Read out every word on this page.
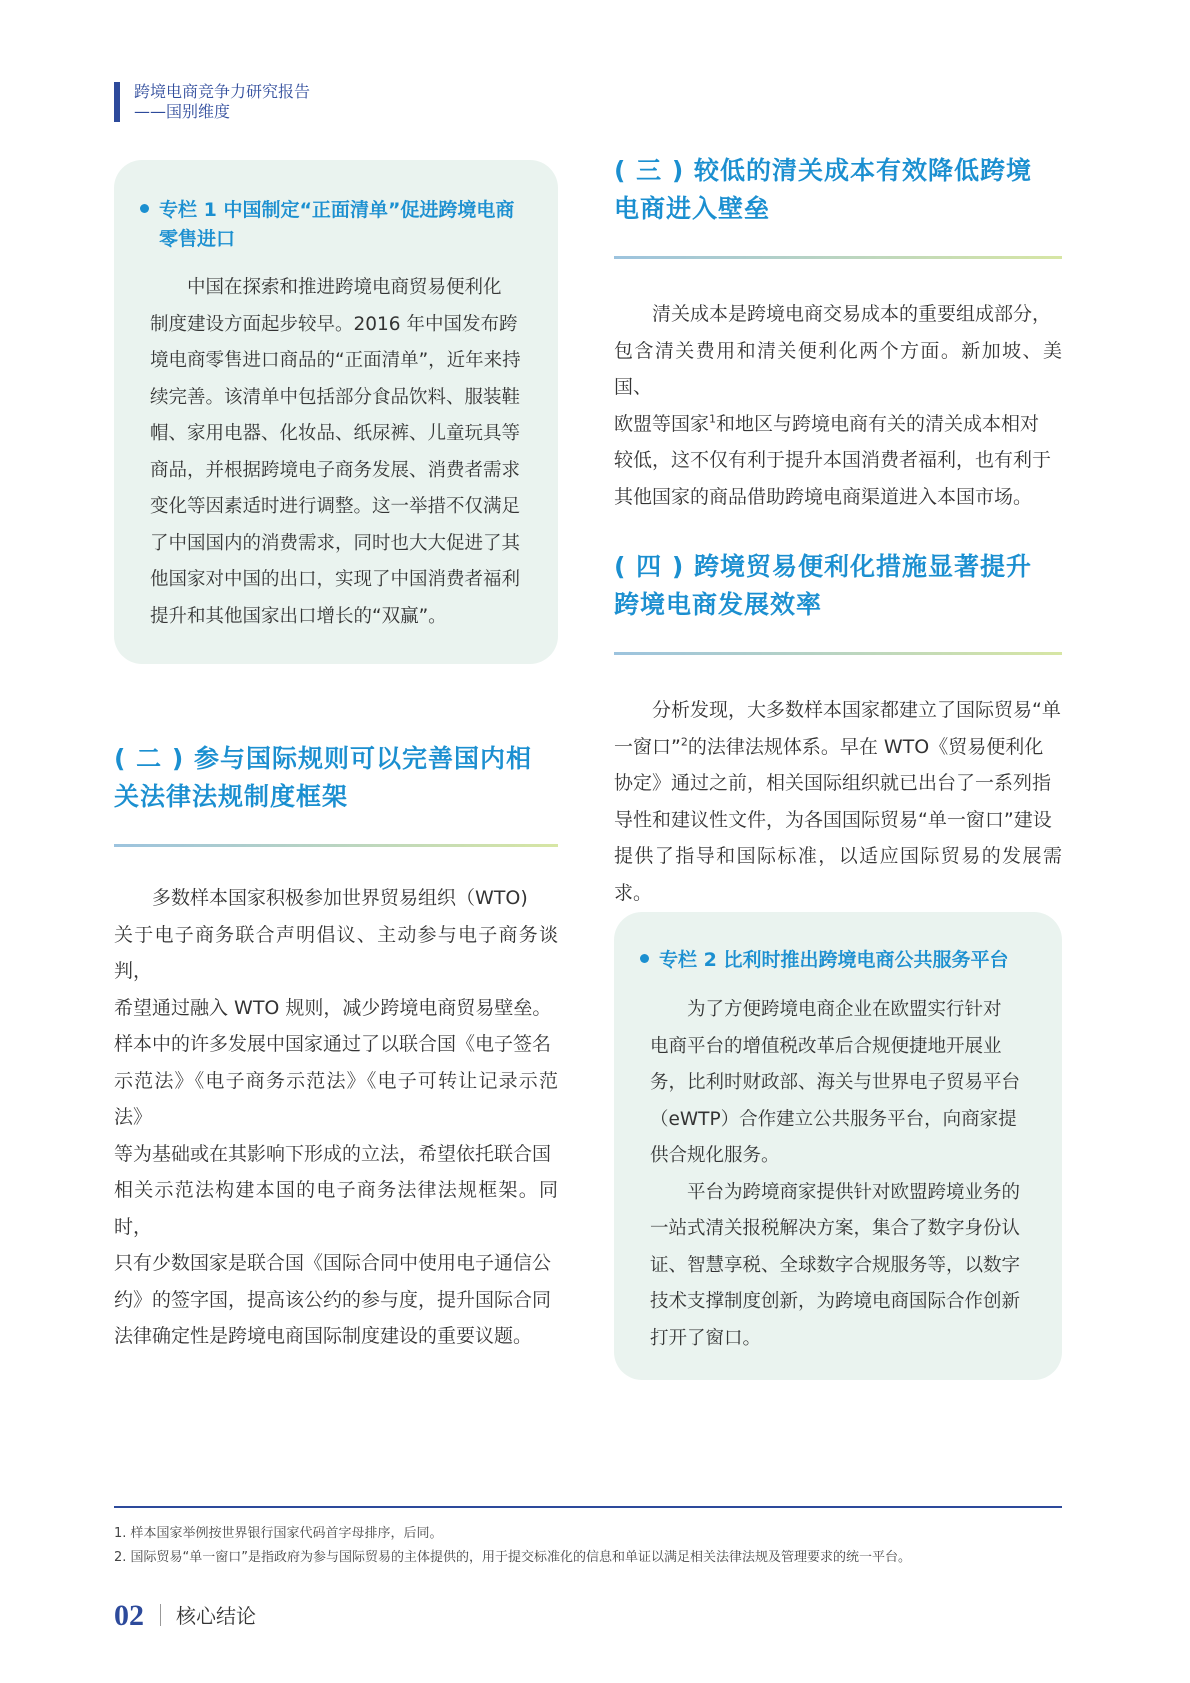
跨境电商竞争力研究报告
——国别维度
专栏 1 中国制定“正面清单”促进跨境电商
零售进口
中国在探索和推进跨境电商贸易便利化
制度建设方面起步较早。2016 年中国发布跨
境电商零售进口商品的“正面清单”，近年来持
续完善。该清单中包括部分食品饮料、服装鞋
帽、家用电器、化妆品、纸尿裤、儿童玩具等
商品，并根据跨境电子商务发展、消费者需求
变化等因素适时进行调整。这一举措不仅满足
了中国国内的消费需求，同时也大大促进了其
他国家对中国的出口，实现了中国消费者福利
提升和其他国家出口增长的“双赢”。
( 二 ) 参与国际规则可以完善国内相
关法律法规制度框架
多数样本国家积极参加世界贸易组织（WTO)
关于电子商务联合声明倡议、主动参与电子商务谈判，
希望通过融入 WTO 规则，减少跨境电商贸易壁垒。
样本中的许多发展中国家通过了以联合国《电子签名
示范法》《电子商务示范法》《电子可转让记录示范法》
等为基础或在其影响下形成的立法，希望依托联合国
相关示范法构建本国的电子商务法律法规框架。同时，
只有少数国家是联合国《国际合同中使用电子通信公
约》的签字国，提高该公约的参与度，提升国际合同
法律确定性是跨境电商国际制度建设的重要议题。
( 三 ) 较低的清关成本有效降低跨境
电商进入壁垒
清关成本是跨境电商交易成本的重要组成部分，
包含清关费用和清关便利化两个方面。新加坡、美国、
欧盟等国家$^1$和地区与跨境电商有关的清关成本相对
较低，这不仅有利于提升本国消费者福利，也有利于
其他国家的商品借助跨境电商渠道进入本国市场。
( 四 ) 跨境贸易便利化措施显著提升
跨境电商发展效率
分析发现，大多数样本国家都建立了国际贸易“单
一窗口”$^2$的法律法规体系。早在 WTO《贸易便利化
协定》通过之前，相关国际组织就已出台了一系列指
导性和建议性文件，为各国国际贸易“单一窗口”建设
提供了指导和国际标准，以适应国际贸易的发展需求。
专栏 2 比利时推出跨境电商公共服务平台
为了方便跨境电商企业在欧盟实行针对
电商平台的增值税改革后合规便捷地开展业
务，比利时财政部、海关与世界电子贸易平台
（eWTP）合作建立公共服务平台，向商家提
供合规化服务。
平台为跨境商家提供针对欧盟跨境业务的
一站式清关报税解决方案，集合了数字身份认
证、智慧享税、全球数字合规服务等，以数字
技术支撑制度创新，为跨境电商国际合作创新
打开了窗口。
1. 样本国家举例按世界银行国家代码首字母排序，后同。
2. 国际贸易“单一窗口”是指政府为参与国际贸易的主体提供的，用于提交标准化的信息和单证以满足相关法律法规及管理要求的统一平台。
02 核心结论
